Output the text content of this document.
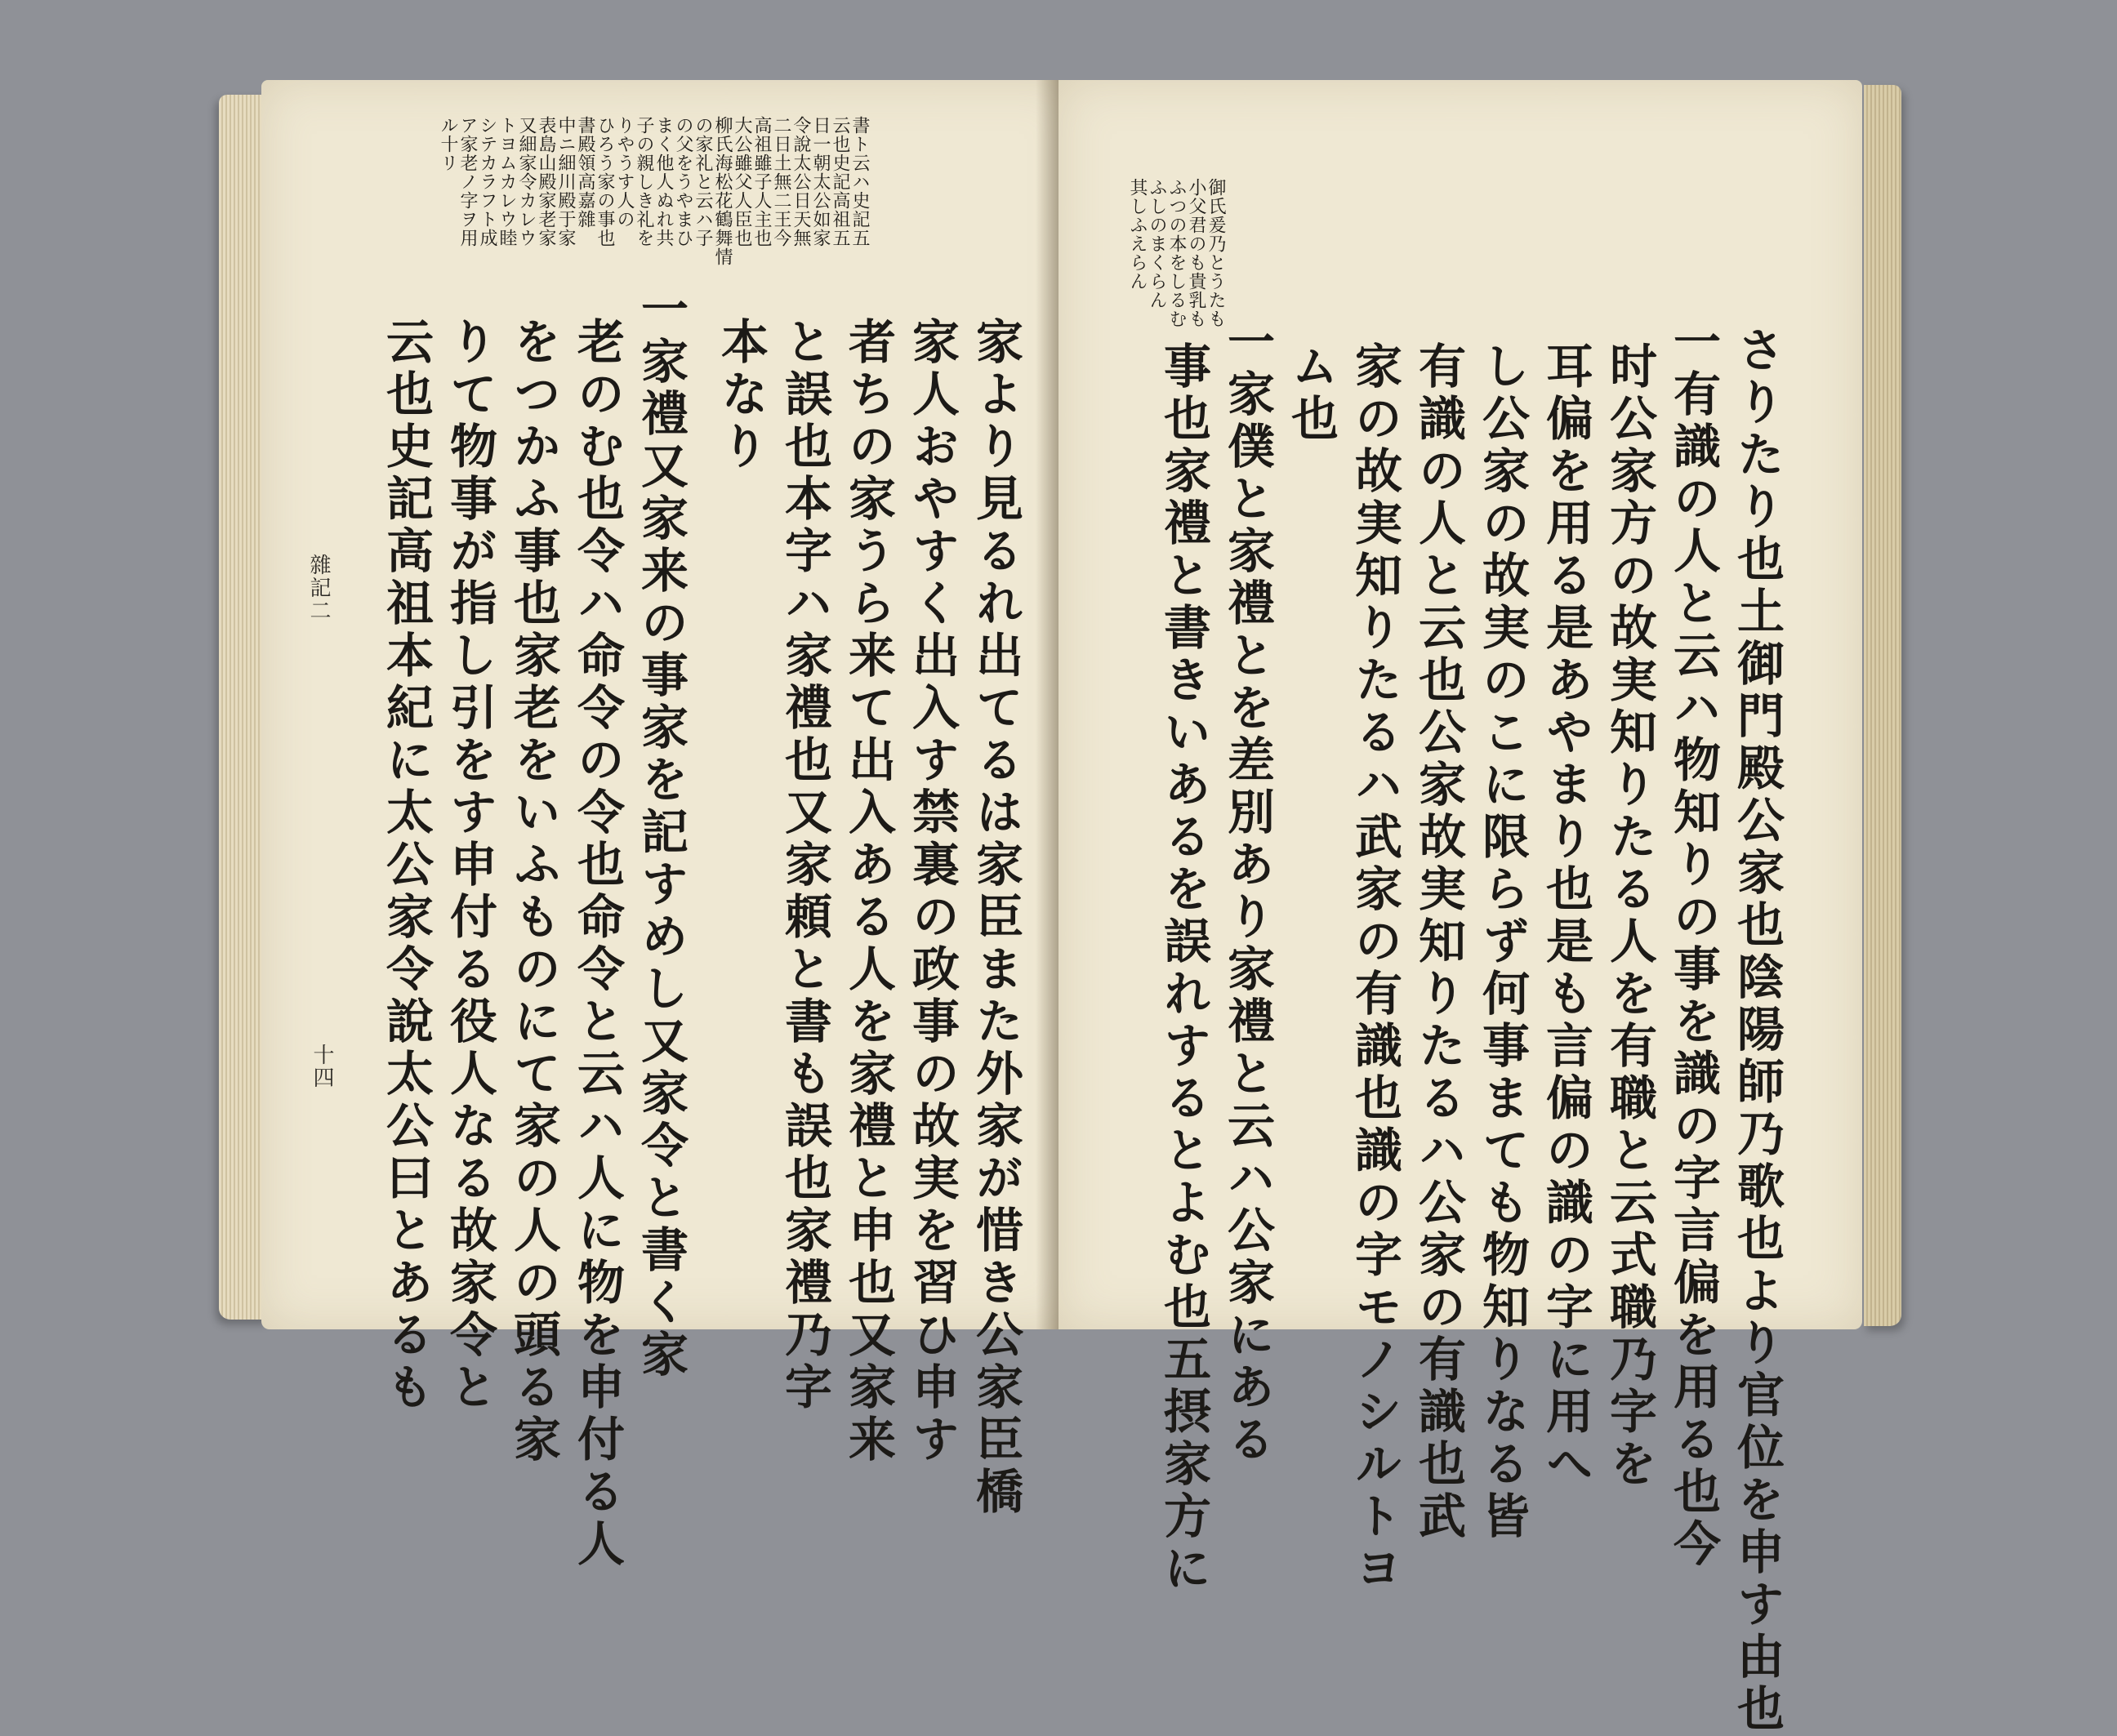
書ト云ハ史記五
云也史記高祖五
日一朝太公如家
令說太公日天無
二日土無二王今
高祖雖子人主也
大公雖父人臣也
柳氏海松花鶴舞情
の家礼と云ハ子
の父をうやまひ
まく他人ぬれ共
子の親しき礼を
りやうす人の
ひろう家の事也
書殿領高嘉雜
中ニ細川殿于家
表島山殿家老家
又細家令カレウ
トヨムカレウ睦
シテカラフト成
ア家老ノ字ヲ用
ル十リ
家より見るれ出てるは家臣また外家が惜き公家臣橋
家人おやすく出入す禁裏の政事の故実を習ひ申す
者ちの家うら来て出入ある人を家禮と申也又家来
と誤也本字ハ家禮也又家頼と書も誤也家禮乃字
本なり
一家禮又家来の事家を記すめし又家令と書く家
老のむ也令ハ命令の令也命令と云ハ人に物を申付る人
をつかふ事也家老をいふものにて家の人の頭る家
りて物事が指し引をす申付る役人なる故家令と
云也史記高祖本紀に太公家令說太公曰とあるも
雜記二
十四
御氏爰乃とうたも
小父君のも貴乳も
ふつの本をしるむ
ふしのまくらん
其しふえらん
さりたり也土御門殿公家也陰陽師乃歌也より官位を申す由也
一有識の人と云ハ物知りの事を識の字言偏を用る也今
时公家方の故実知りたる人を有職と云式職乃字を
耳偏を用る是あやまり也是も言偏の識の字に用へ
し公家の故実のこに限らず何事まても物知りなる皆
有識の人と云也公家故実知りたるハ公家の有識也武
家の故実知りたるハ武家の有識也識の字モノシルトヨ
ム也
一家僕と家禮とを差別あり家禮と云ハ公家にある
事也家禮と書きいあるを誤れするとよむ也五摂家方に
